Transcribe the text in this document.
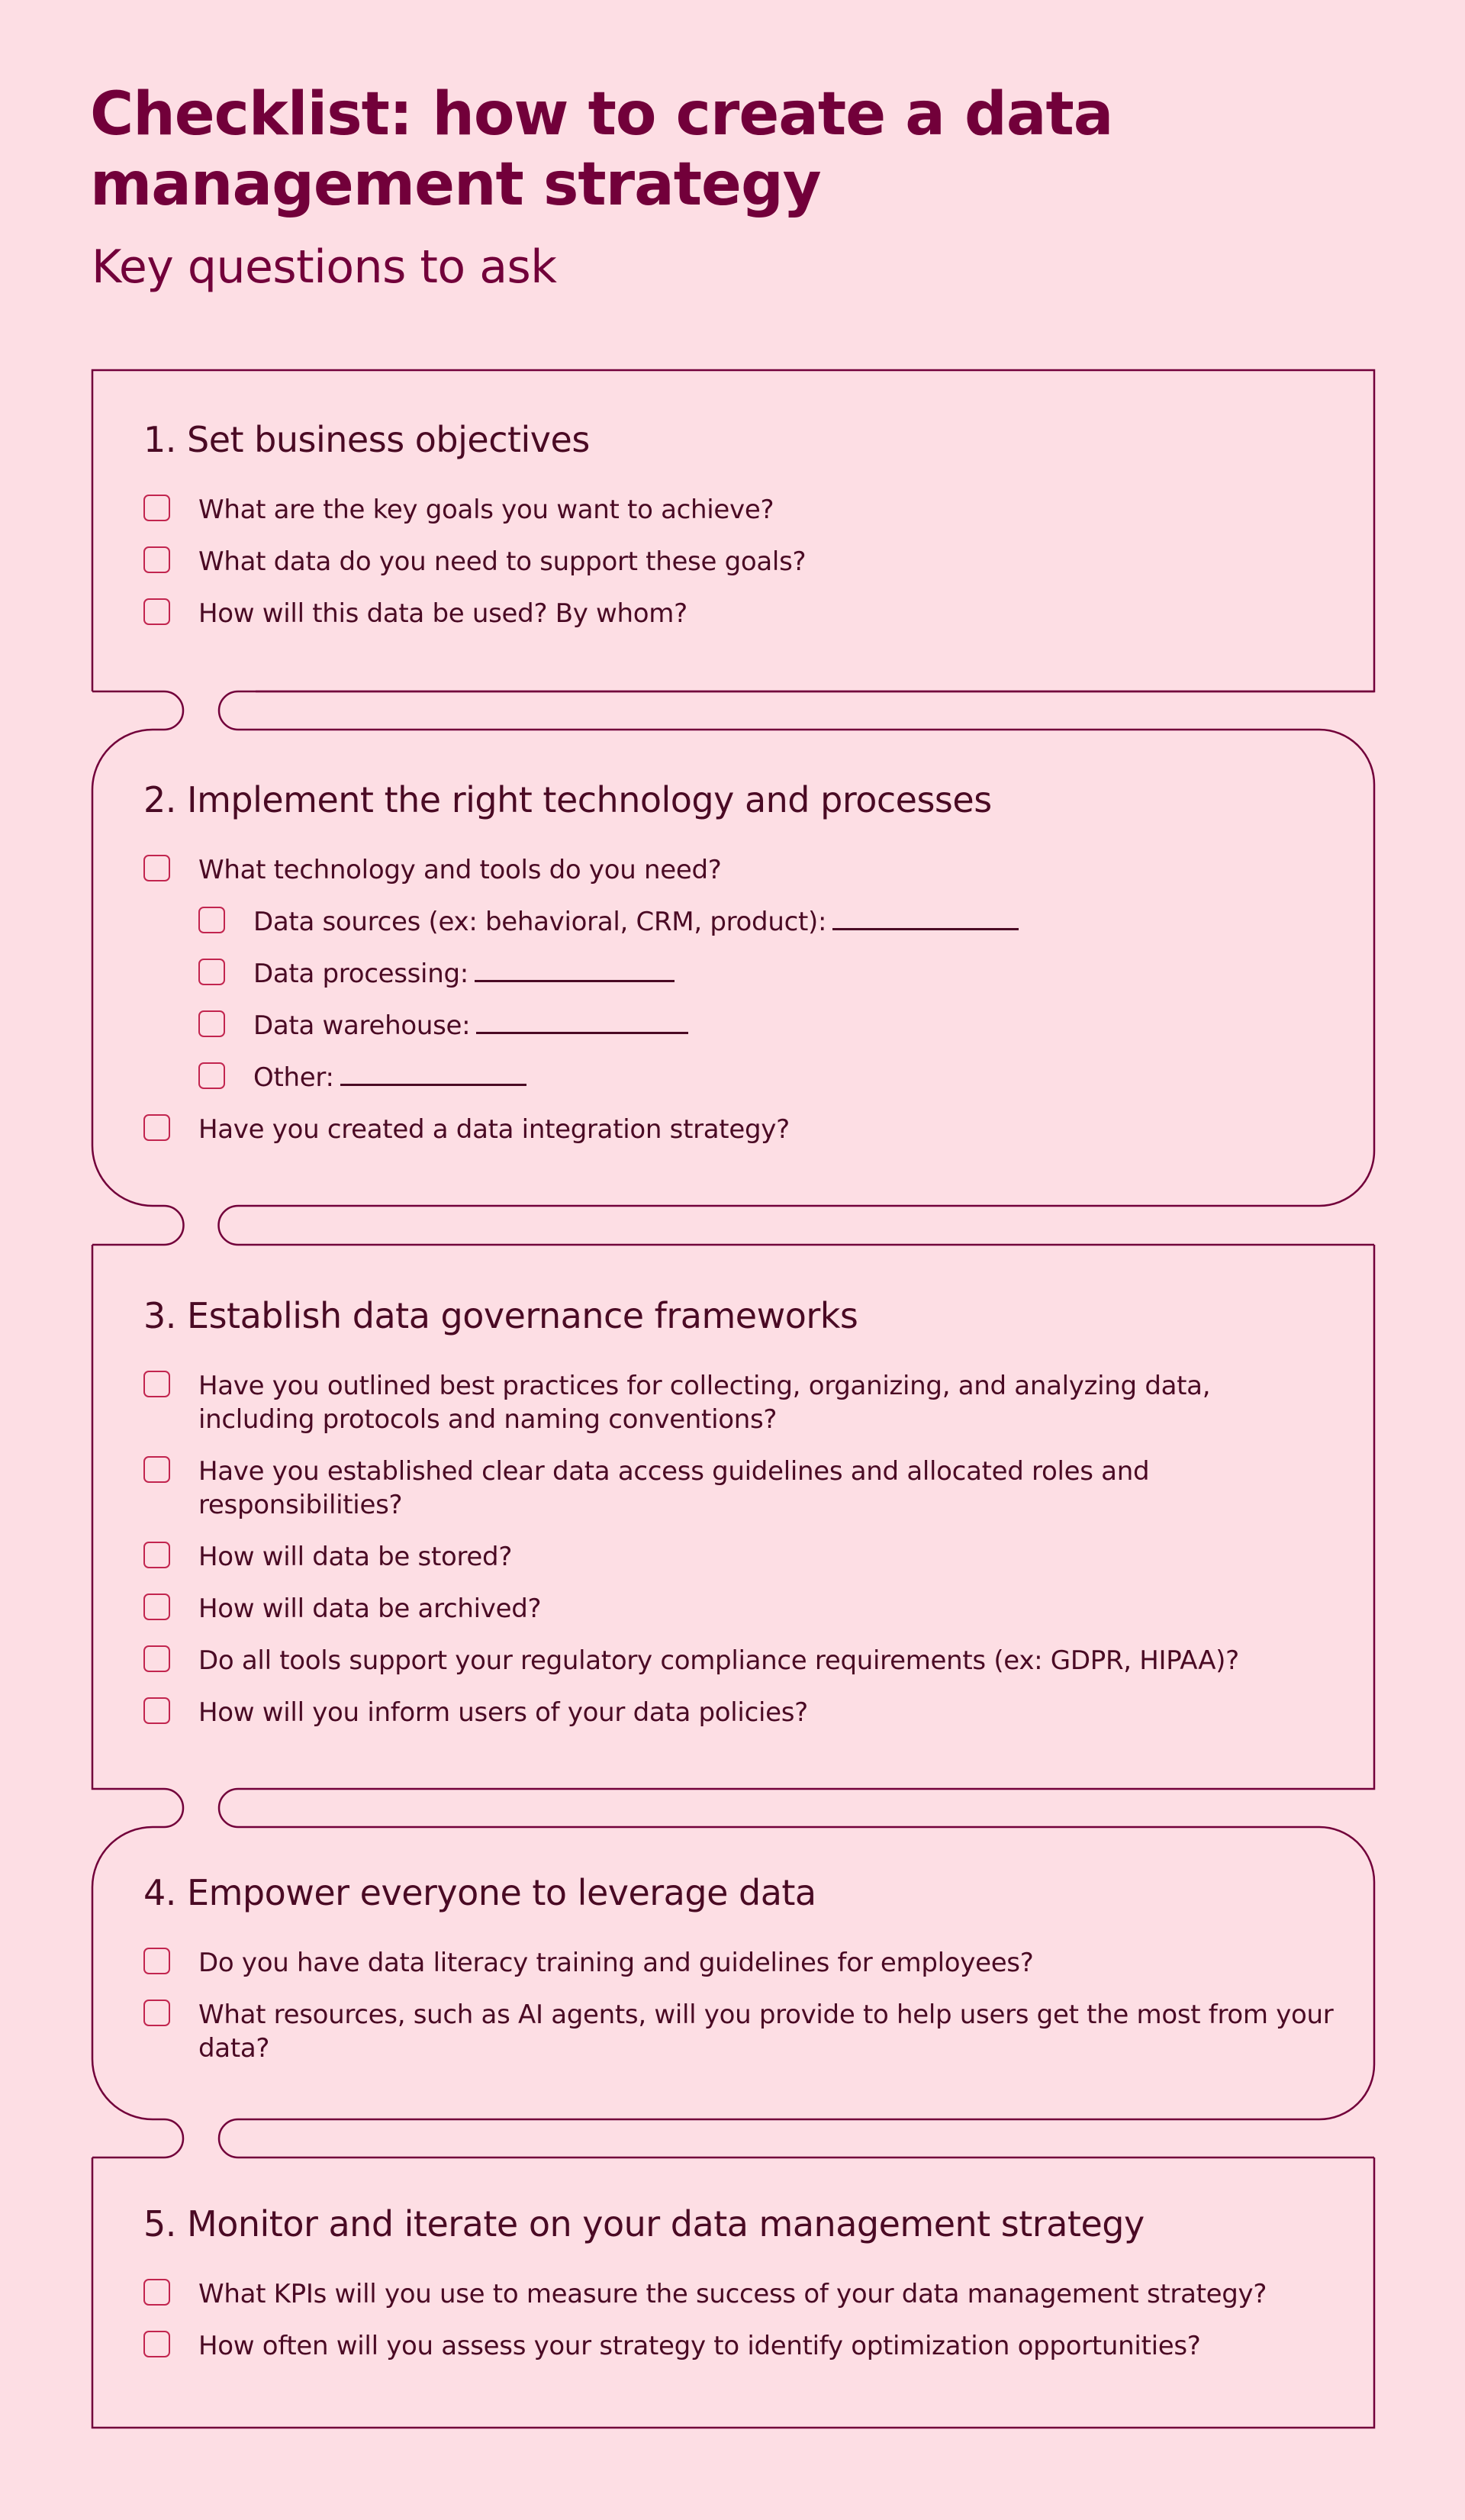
Checklist: how to create a data management strategy
Key questions to ask
1. Set business objectives
What are the key goals you want to achieve?
What data do you need to support these goals?
How will this data be used? By whom?
2. Implement the right technology and processes
What technology and tools do you need?
Data sources (ex: behavioral, CRM, product):
Data processing:
Data warehouse:
Other:
Have you created a data integration strategy?
3. Establish data governance frameworks
Have you outlined best practices for collecting, organizing, and analyzing data, including protocols and naming conventions?
Have you established clear data access guidelines and allocated roles and responsibilities?
How will data be stored?
How will data be archived?
Do all tools support your regulatory compliance requirements (ex: GDPR, HIPAA)?
How will you inform users of your data policies?
4. Empower everyone to leverage data
Do you have data literacy training and guidelines for employees?
What resources, such as AI agents, will you provide to help users get the most from your data?
5. Monitor and iterate on your data management strategy
What KPIs will you use to measure the success of your data management strategy?
How often will you assess your strategy to identify optimization opportunities?
